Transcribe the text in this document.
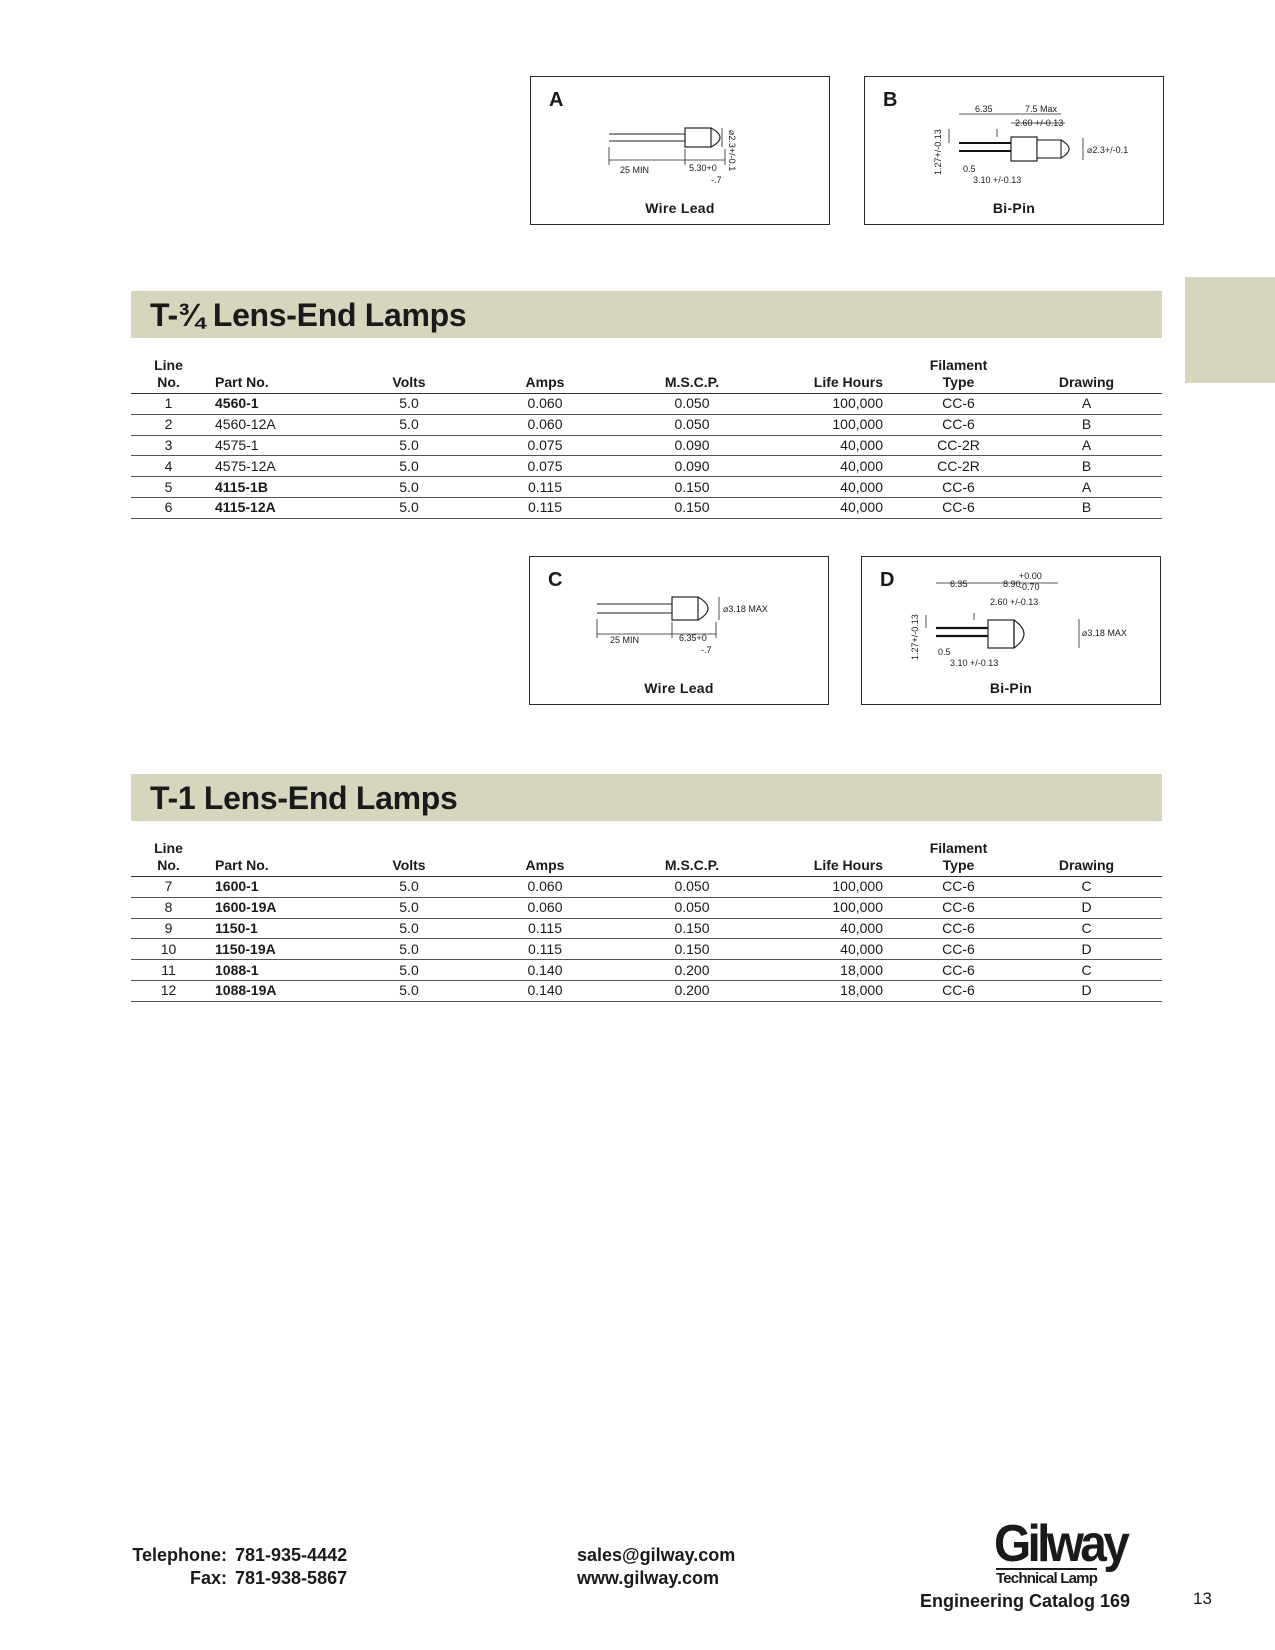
A
⌀2.3+/-0.1
25 MIN	5.30+0
-.7
Wire Lead
B	6.35	7.5 Max
2.60 +/-0.13
1.27+/-0.13 0.5
3.10 +/-0.13
⌀2.3+/-0.1
Bi-Pin
T-¾ Lens-End Lamps
Line
No.	Part No.	Volts	Amps	M.S.C.P.	Life Hours	Filament
Type	Drawing
1	4560-1	5.0	0.060	0.050	100,000	CC-6	A
2	4560-12A	5.0	0.060	0.050	100,000	CC-6	B
3	4575-1	5.0	0.075	0.090	40,000	CC-2R	A
4	4575-12A	5.0	0.075	0.090	40,000	CC-2R	B
5	4115-1B	5.0	0.115	0.150	40,000	CC-6	A
6	4115-12A	5.0	0.115	0.150	40,000	CC-6	B
C
⌀3.18 MAX
25 MIN	6.35+0
-.7
Wire Lead
D	6.35	8.90
+0.00
-0.70
2.60 +/-0.13
1.27+/-0.13 0.5
3.10 +/-0.13
⌀3.18 MAX
Bi-Pin
T-1 Lens-End Lamps
Line
No.	Part No.	Volts	Amps	M.S.C.P.	Life Hours	Filament
Type	Drawing
7	1600-1	5.0	0.060	0.050	100,000	CC-6	C
8	1600-19A	5.0	0.060	0.050	100,000	CC-6	D
9	1150-1	5.0	0.115	0.150	40,000	CC-6	C
10	1150-19A	5.0	0.115	0.150	40,000	CC-6	D
11	1088-1	5.0	0.140	0.200	18,000	CC-6	C
12	1088-19A	5.0	0.140	0.200	18,000	CC-6	D
Telephone: 781-935-4442
Fax: 781-938-5867
sales@gilway.com
www.gilway.com
Gilway
Technical Lamp
Engineering Catalog 169	13
